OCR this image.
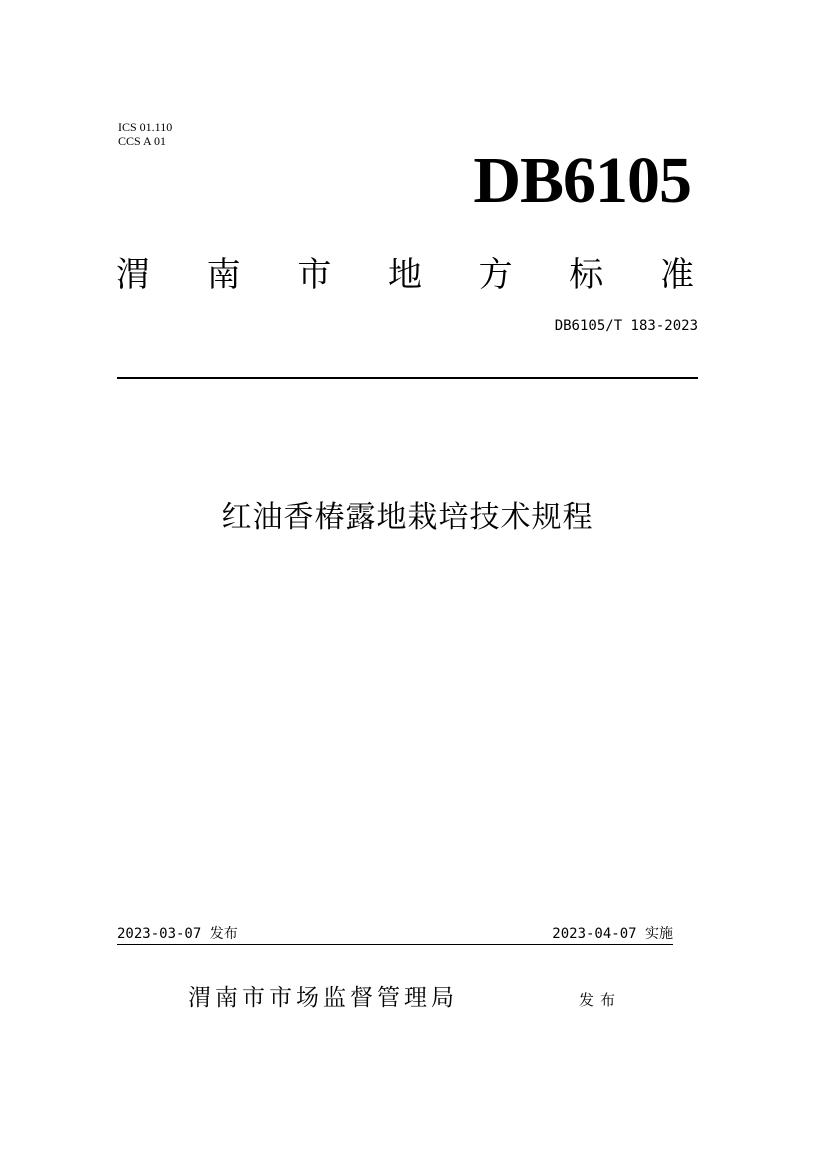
ICS 01.110
CCS A 01
DB6105
渭 南 市 地 方 标 准
DB6105/T 183-2023
红油香椿露地栽培技术规程
2023-03-07 发布	2023-04-07 实施
渭南市市场监督管理局	发布
